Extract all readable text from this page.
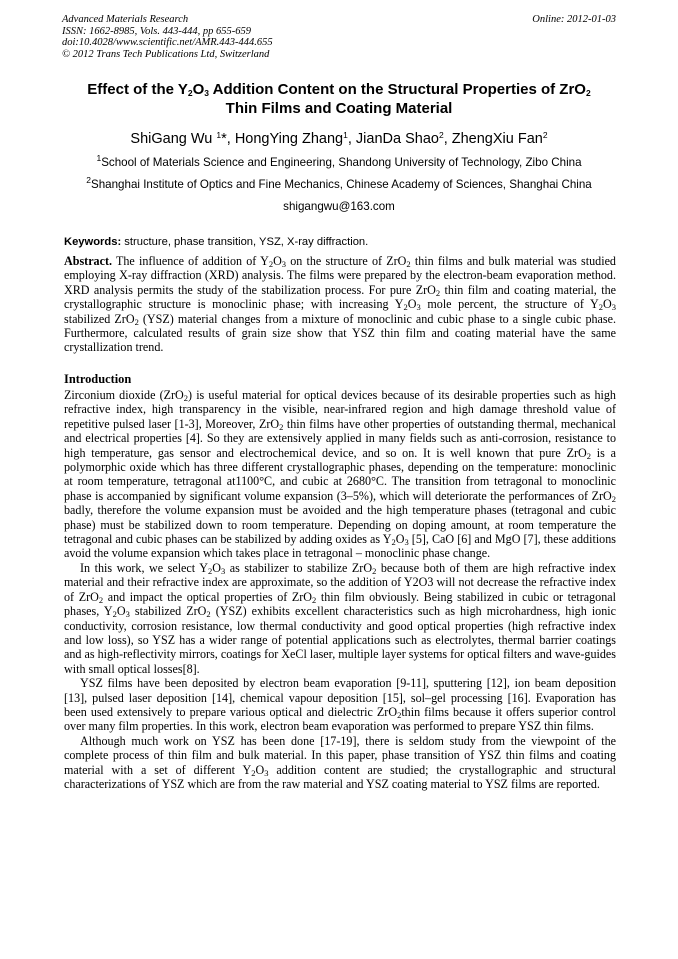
Advanced Materials Research
ISSN: 1662-8985, Vols. 443-444, pp 655-659
doi:10.4028/www.scientific.net/AMR.443-444.655
© 2012 Trans Tech Publications Ltd, Switzerland
Online: 2012-01-03
Effect of the $Y_2O_3$ Addition Content on the Structural Properties of ZrO$_2$
Thin Films and Coating Material
ShiGang Wu $^1$*, HongYing Zhang$^1$, JianDa Shao$^2$, ZhengXiu Fan$^2$
$^1$School of Materials Science and Engineering, Shandong University of Technology, Zibo China
$^2$Shanghai Institute of Optics and Fine Mechanics, Chinese Academy of Sciences, Shanghai China
shigangwu@163.com
Keywords: structure, phase transition, YSZ, X-ray diffraction.

Abstract. The influence of addition of $Y_2O_3$ on the structure of ZrO$_2$ thin films and bulk material was studied employing X-ray diffraction (XRD) analysis. The films were prepared by the electron-beam evaporation method. XRD analysis permits the study of the stabilization process. For pure ZrO$_2$ thin film and coating material, the crystallographic structure is monoclinic phase; with increasing $Y_2O_3$ mole percent, the structure of $Y_2O_3$ stabilized ZrO$_2$ (YSZ) material changes from a mixture of monoclinic and cubic phase to a single cubic phase. Furthermore, calculated results of grain size show that YSZ thin film and coating material have the same crystallization trend.

Introduction

Zirconium dioxide (ZrO$_2$) is useful material for optical devices because of its desirable properties such as high refractive index, high transparency in the visible, near-infrared region and high damage threshold value of repetitive pulsed laser [1-3], Moreover, ZrO$_2$ thin films have other properties of outstanding thermal, mechanical and electrical properties [4]. So they are extensively applied in many fields such as anti-corrosion, resistance to high temperature, gas sensor and electrochemical device, and so on. It is well known that pure ZrO$_2$ is a polymorphic oxide which has three different crystallographic phases, depending on the temperature: monoclinic at room temperature, tetragonal at1100°C, and cubic at 2680°C. The transition from tetragonal to monoclinic phase is accompanied by significant volume expansion (3–5%), which will deteriorate the performances of ZrO$_2$ badly, therefore the volume expansion must be avoided and the high temperature phases (tetragonal and cubic phase) must be stabilized down to room temperature. Depending on doping amount, at room temperature the tetragonal and cubic phases can be stabilized by adding oxides as $Y_2O_3$ [5], CaO [6] and MgO [7], these additions avoid the volume expansion which takes place in tetragonal – monoclinic phase change.

In this work, we select $Y_2O_3$ as stabilizer to stabilize ZrO$_2$ because both of them are high refractive index material and their refractive index are approximate, so the addition of Y2O3 will not decrease the refractive index of ZrO$_2$ and impact the optical properties of ZrO$_2$ thin film obviously. Being stabilized in cubic or tetragonal phases, $Y_2O_3$ stabilized ZrO$_2$ (YSZ) exhibits excellent characteristics such as high microhardness, high ionic conductivity, corrosion resistance, low thermal conductivity and good optical properties (high refractive index and low loss), so YSZ has a wider range of potential applications such as electrolytes, thermal barrier coatings and as high-reflectivity mirrors, coatings for XeCl laser, multiple layer systems for optical filters and wave-guides with small optical losses[8].

YSZ films have been deposited by electron beam evaporation [9-11], sputtering [12], ion beam deposition [13], pulsed laser deposition [14], chemical vapour deposition [15], sol–gel processing [16]. Evaporation has been used extensively to prepare various optical and dielectric ZrO$_2$thin films because it offers superior control over many film properties. In this work, electron beam evaporation was performed to prepare YSZ thin films.

Although much work on YSZ has been done [17-19], there is seldom study from the viewpoint of the complete process of thin film and bulk material. In this paper, phase transition of YSZ thin films and coating material with a set of different $Y_2O_3$ addition content are studied; the crystallographic and structural characterizations of YSZ which are from the raw material and YSZ coating material to YSZ films are reported.
